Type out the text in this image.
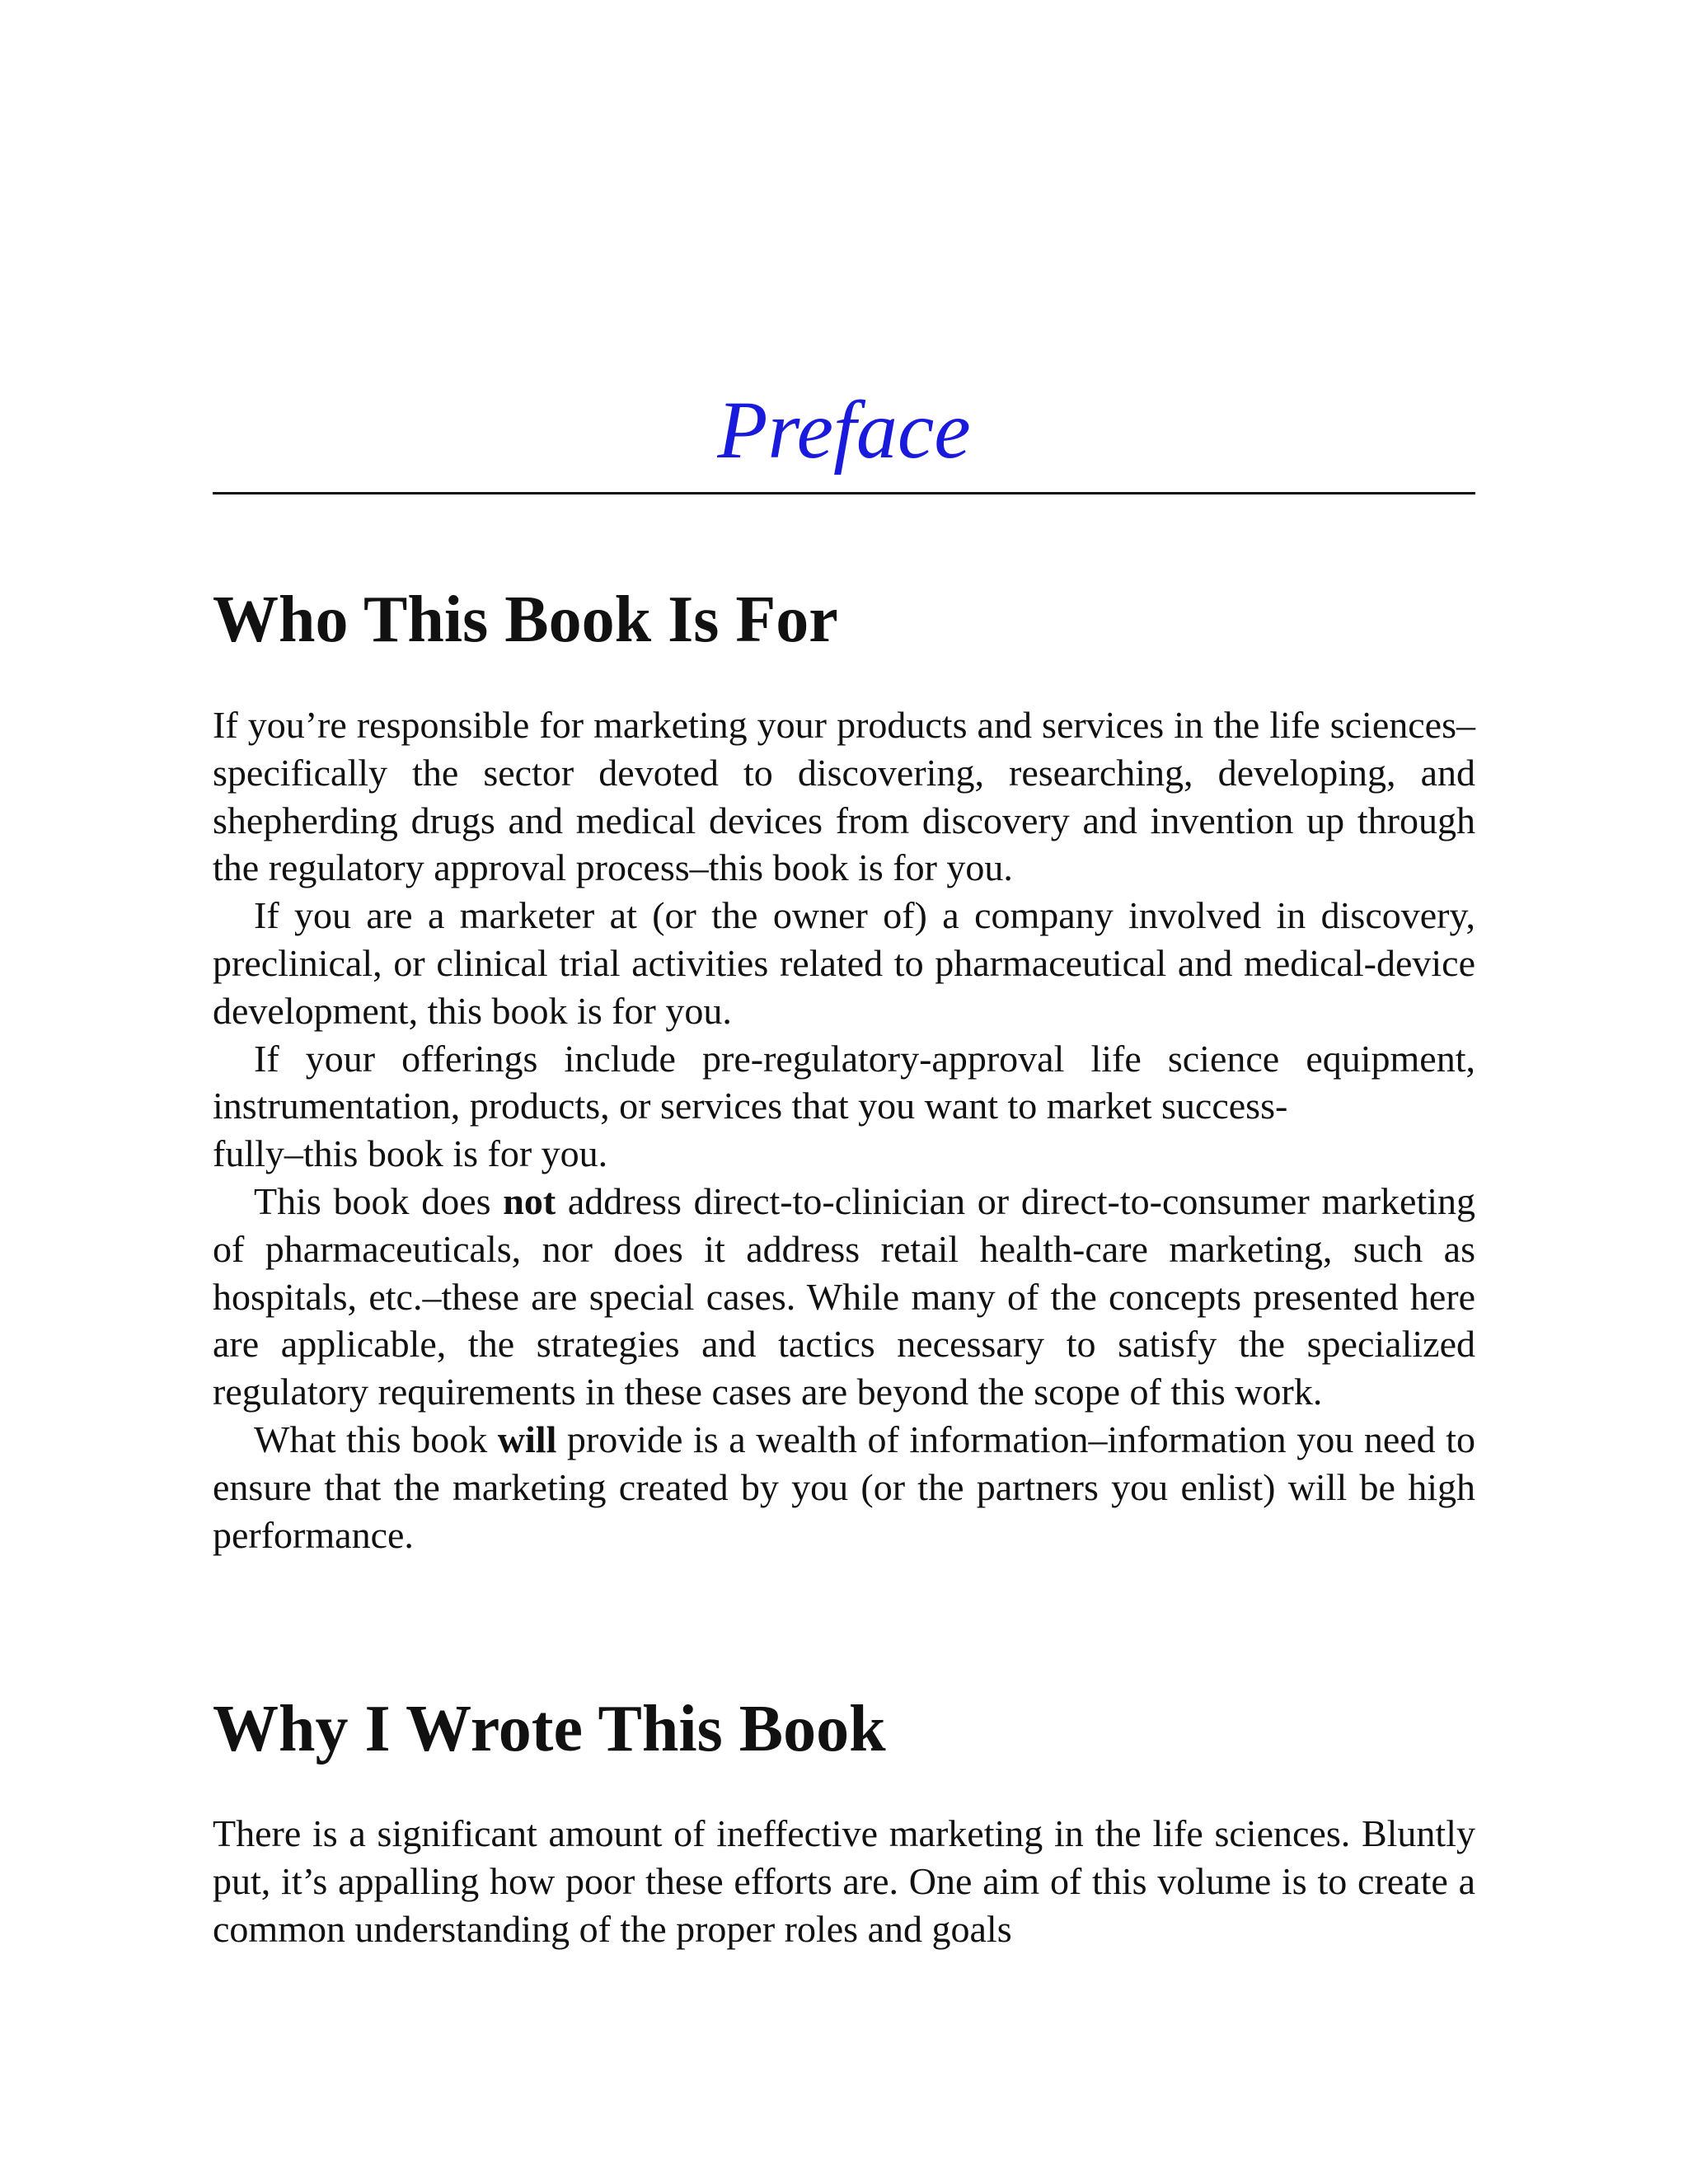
Preface
Who This Book Is For

If you’re responsible for marketing your products and services in the life sciences–specifically the sector devoted to discovering, researching, developing, and shepherding drugs and medical devices from discovery and invention up through the regulatory approval process–this book is for you.

If you are a marketer at (or the owner of) a company involved in discovery, preclinical, or clinical trial activities related to pharmaceutical and medical-device development, this book is for you.

If your offerings include pre-regulatory-approval life science equipment, instrumentation, products, or services that you want to market success-
fully–this book is for you.

This book does not address direct-to-clinician or direct-to-consumer marketing of pharmaceuticals, nor does it address retail health-care marketing, such as hospitals, etc.–these are special cases. While many of the concepts presented here are applicable, the strategies and tactics necessary to satisfy the specialized regulatory requirements in these cases are beyond the scope of this work.

What this book will provide is a wealth of information–information you need to ensure that the marketing created by you (or the partners you enlist) will be high performance.

Why I Wrote This Book

There is a significant amount of ineffective marketing in the life sciences. Bluntly put, it’s appalling how poor these efforts are. One aim of this volume is to create a common understanding of the proper roles and goals
